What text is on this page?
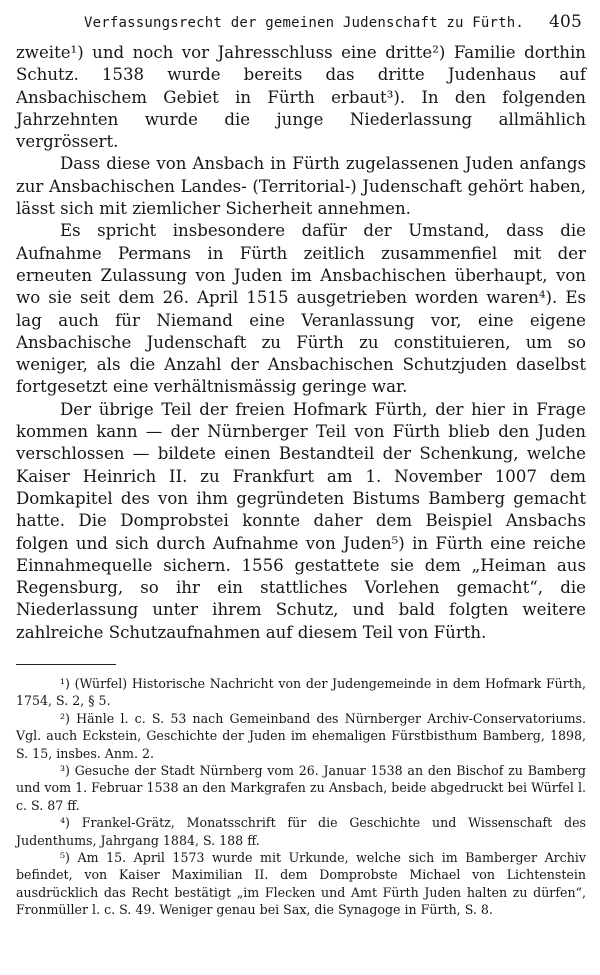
Verfassungsrecht der gemeinen Judenschaft zu Fürth. 405

zweite¹) und noch vor Jahresschluss eine dritte²) Familie dorthin Schutz. 1538 wurde bereits das dritte Judenhaus auf Ansbachischem Gebiet in Fürth erbaut³). In den folgenden Jahrzehnten wurde die junge Niederlassung allmählich vergrössert.

Dass diese von Ansbach in Fürth zugelassenen Juden anfangs zur Ansbachischen Landes- (Territorial-) Judenschaft gehört haben, lässt sich mit ziemlicher Sicherheit annehmen.

Es spricht insbesondere dafür der Umstand, dass die Aufnahme Permans in Fürth zeitlich zusammenfiel mit der erneuten Zulassung von Juden im Ansbachischen überhaupt, von wo sie seit dem 26. April 1515 ausgetrieben worden waren⁴). Es lag auch für Niemand eine Veranlassung vor, eine eigene Ansbachische Judenschaft zu Fürth zu constituieren, um so weniger, als die Anzahl der Ansbachischen Schutzjuden daselbst fortgesetzt eine verhältnismässig geringe war.

Der übrige Teil der freien Hofmark Fürth, der hier in Frage kommen kann — der Nürnberger Teil von Fürth blieb den Juden verschlossen — bildete einen Bestandteil der Schenkung, welche Kaiser Heinrich II. zu Frankfurt am 1. November 1007 dem Domkapitel des von ihm gegründeten Bistums Bamberg gemacht hatte. Die Domprobstei konnte daher dem Beispiel Ansbachs folgen und sich durch Aufnahme von Juden⁵) in Fürth eine reiche Einnahmequelle sichern. 1556 gestattete sie dem „Heiman aus Regensburg, so ihr ein stattliches Vorlehen gemacht“, die Niederlassung unter ihrem Schutz, und bald folgten weitere zahlreiche Schutzaufnahmen auf diesem Teil von Fürth.

¹) (Würfel) Historische Nachricht von der Judengemeinde in dem Hofmark Fürth, 1754, S. 2, § 5.

²) Hänle l. c. S. 53 nach Gemeinband des Nürnberger Archiv-Conservatoriums. Vgl. auch Eckstein, Geschichte der Juden im ehemaligen Fürstbisthum Bamberg, 1898, S. 15, insbes. Anm. 2.

³) Gesuche der Stadt Nürnberg vom 26. Januar 1538 an den Bischof zu Bamberg und vom 1. Februar 1538 an den Markgrafen zu Ansbach, beide abgedruckt bei Würfel l. c. S. 87 ff.

⁴) Frankel-Grätz, Monatsschrift für die Geschichte und Wissenschaft des Judenthums, Jahrgang 1884, S. 188 ff.

⁵) Am 15. April 1573 wurde mit Urkunde, welche sich im Bamberger Archiv befindet, von Kaiser Maximilian II. dem Domprobste Michael von Lichtenstein ausdrücklich das Recht bestätigt „im Flecken und Amt Fürth Juden halten zu dürfen“, Fronmüller l. c. S. 49. Weniger genau bei Sax, die Synagoge in Fürth, S. 8.
